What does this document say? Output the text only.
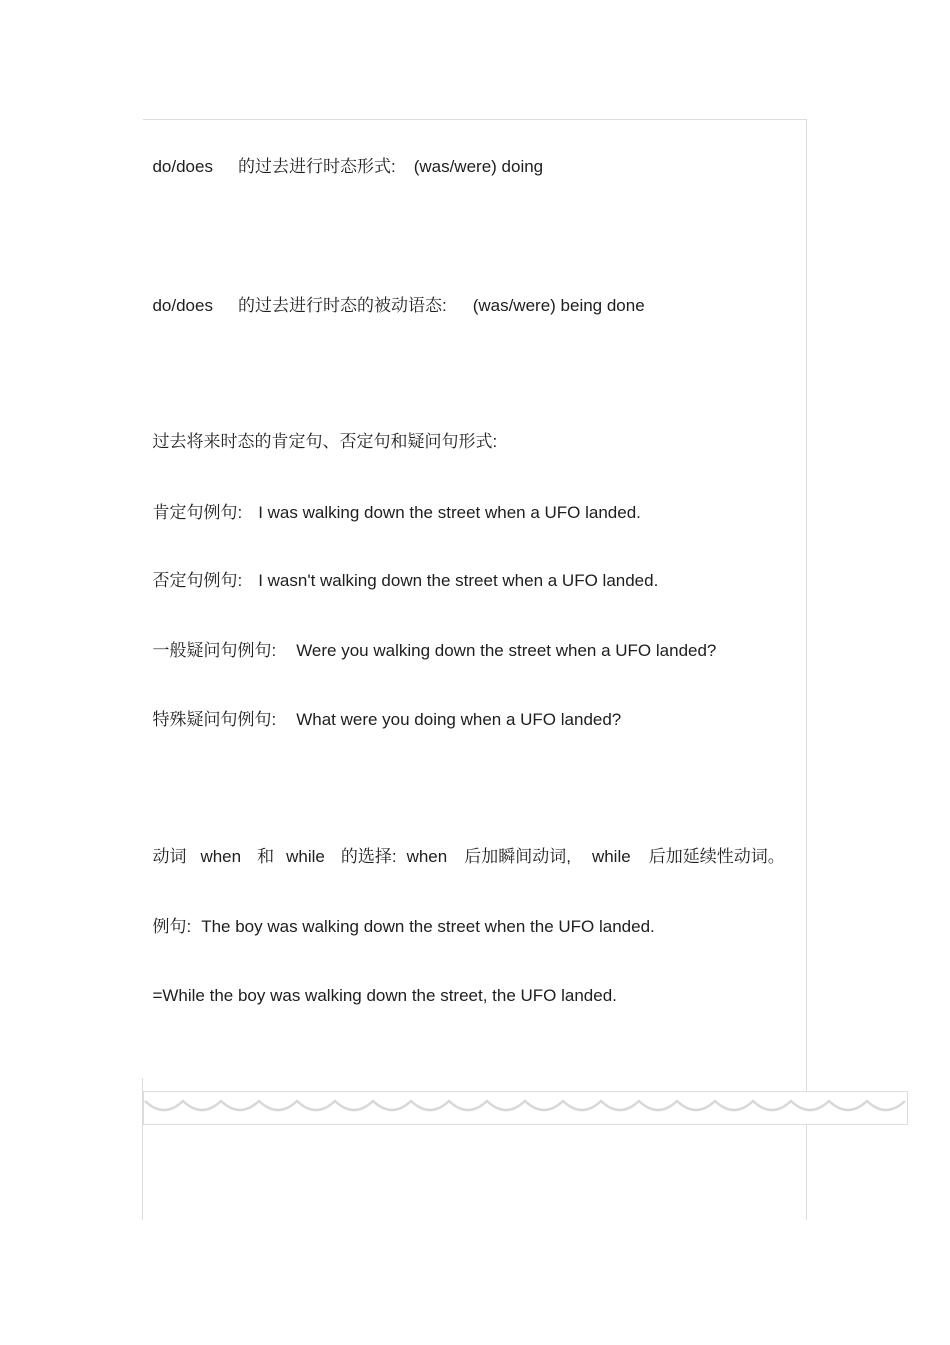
do/does 的过去进行时态形式: (was/were) doing

do/does 的过去进行时态的被动语态: (was/were) being done

过去将来时态的肯定句、否定句和疑问句形式:

肯定句例句: I was walking down the street when a UFO landed.

否定句例句: I wasn't walking down the street when a UFO landed.

一般疑问句例句: Were you walking down the street when a UFO landed?

特殊疑问句例句: What were you doing when a UFO landed?

动词 when 和 while 的选择: when 后加瞬间动词, while 后加延续性动词。

例句: The boy was walking down the street when the UFO landed.

=While the boy was walking down the street, the UFO landed.
